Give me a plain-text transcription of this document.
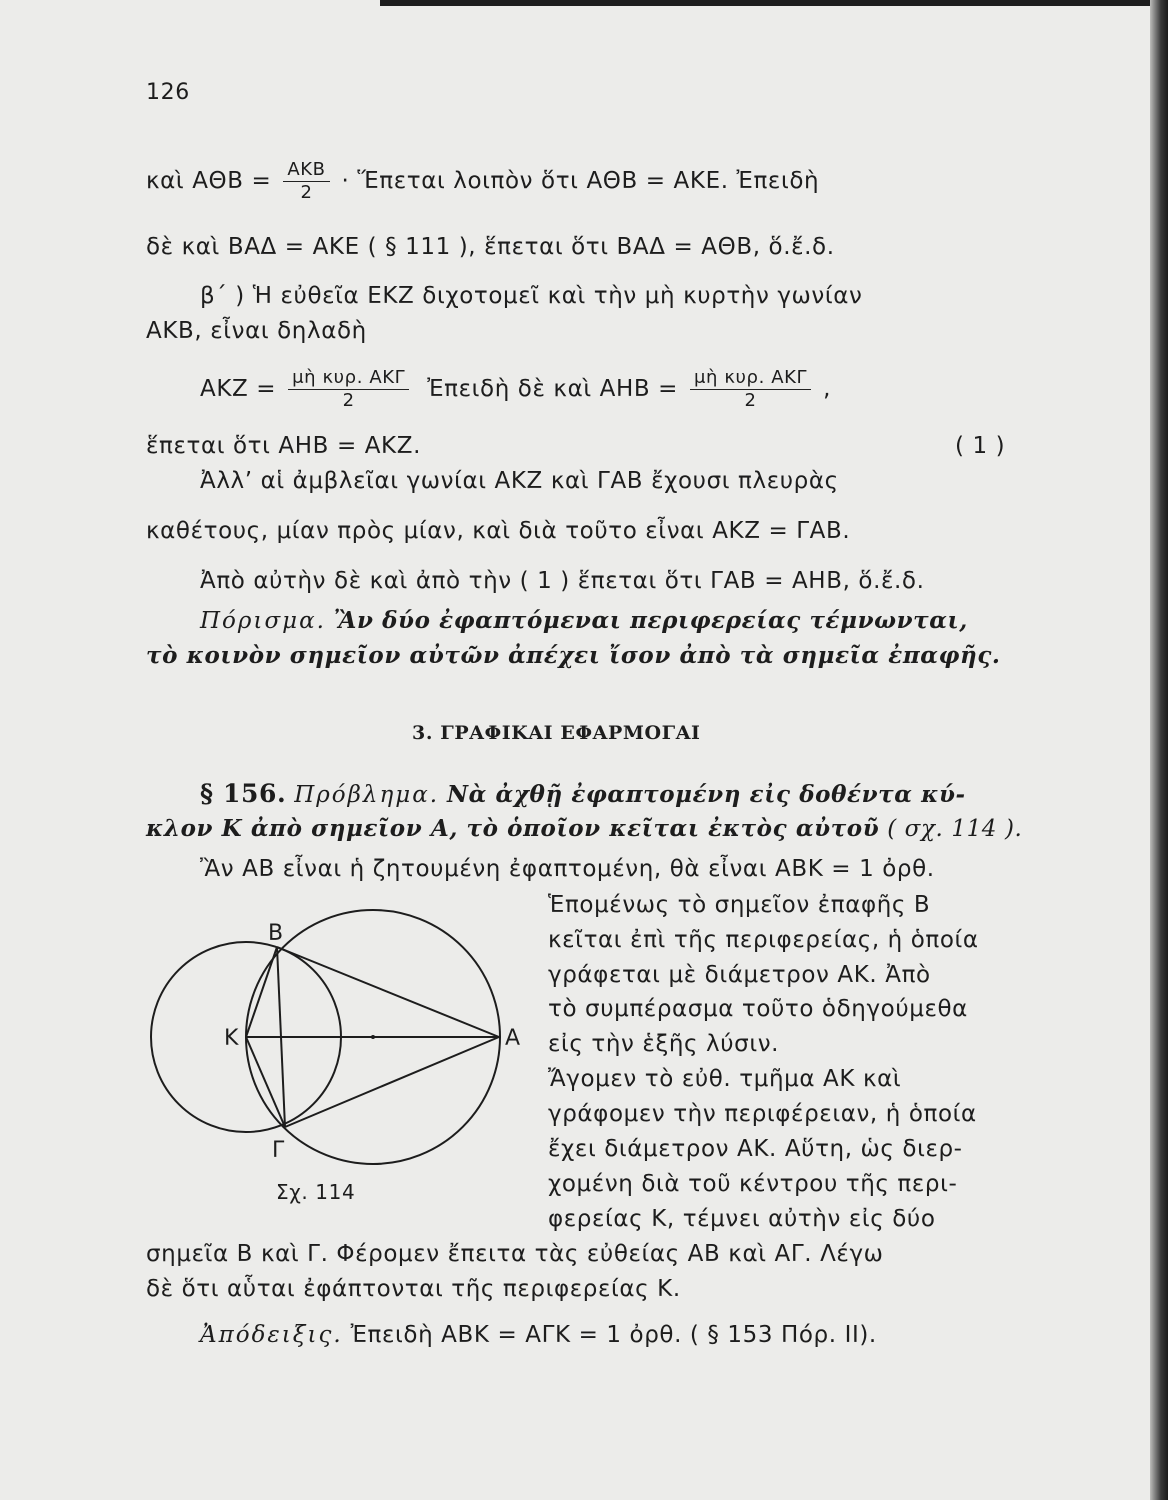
126
καὶ $A\Theta B = \frac{\text{ΑΚΒ}}{2}$ · Ἕπεται λοιπὸν ὅτι ΑΘΒ = ΑΚΕ. Ἐπειδὴ
δὲ καὶ ΒΑΔ = ΑΚΕ ( § 111 ), ἕπεται ὅτι ΒΑΔ = ΑΘΒ, ὅ.ἔ.δ.
β΄ ) Ἡ εὐθεῖα ΕΚΖ διχοτομεῖ καὶ τὴν μὴ κυρτὴν γωνίαν
ΑΚΒ, εἶναι δηλαδὴ
$AKZ = \frac{\text{μὴ κυρ. ΑΚΓ}}{2}$ Ἐπειδὴ δὲ καὶ $AHB = \frac{\text{μὴ κυρ. ΑΚΓ}}{2}$ ,
ἕπεται ὅτι ΑΗΒ = ΑΚΖ.	( 1 )
Ἀλλ’ αἱ ἀμβλεῖαι γωνίαι ΑΚΖ καὶ ΓΑΒ ἔχουσι πλευρὰς
καθέτους, μίαν πρὸς μίαν, καὶ διὰ τοῦτο εἶναι ΑΚΖ = ΓΑΒ.
Ἀπὸ αὐτὴν δὲ καὶ ἀπὸ τὴν ( 1 ) ἕπεται ὅτι ΓΑΒ = ΑΗΒ, ὅ.ἔ.δ.
Πόρισμα. Ἂν δύο ἐφαπτόμεναι περιφερείας τέμνωνται,
τὸ κοινὸν σημεῖον αὐτῶν ἀπέχει ἴσον ἀπὸ τὰ σημεῖα ἐπαφῆς.
3. ΓΡΑΦΙΚΑΙ ΕΦΑΡΜΟΓΑΙ
§ 156. Πρόβλημα. Νὰ ἀχθῇ ἐφαπτομένη εἰς δοθέντα κύ-
κλον Κ ἀπὸ σημεῖον Α, τὸ ὁποῖον κεῖται ἐκτὸς αὐτοῦ ( σχ. 114 ).
Ἂν ΑΒ εἶναι ἡ ζητουμένη ἐφαπτομένη, θὰ εἶναι ΑΒΚ = 1 ὀρθ.
Ἑπομένως τὸ σημεῖον ἐπαφῆς Β
κεῖται ἐπὶ τῆς περιφερείας, ἡ ὁποία
γράφεται μὲ διάμετρον ΑΚ. Ἀπὸ
τὸ συμπέρασμα τοῦτο ὁδηγούμεθα
εἰς τὴν ἑξῆς λύσιν.
Ἄγομεν τὸ εὐθ. τμῆμα ΑΚ καὶ
γράφομεν τὴν περιφέρειαν, ἡ ὁποία
ἔχει διάμετρον ΑΚ. Αὕτη, ὡς διερ-
χομένη διὰ τοῦ κέντρου τῆς περι-
φερείας Κ, τέμνει αὐτὴν εἰς δύο
σημεῖα Β καὶ Γ. Φέρομεν ἔπειτα τὰς εὐθείας ΑΒ καὶ ΑΓ. Λέγω
δὲ ὅτι αὗται ἐφάπτονται τῆς περιφερείας Κ.
Ἀπόδειξις. Ἐπειδὴ ΑΒΚ = ΑΓΚ = 1 ὀρθ. ( § 153 Πόρ. ΙΙ).
Β
Κ	Α
Γ
Σχ. 114
